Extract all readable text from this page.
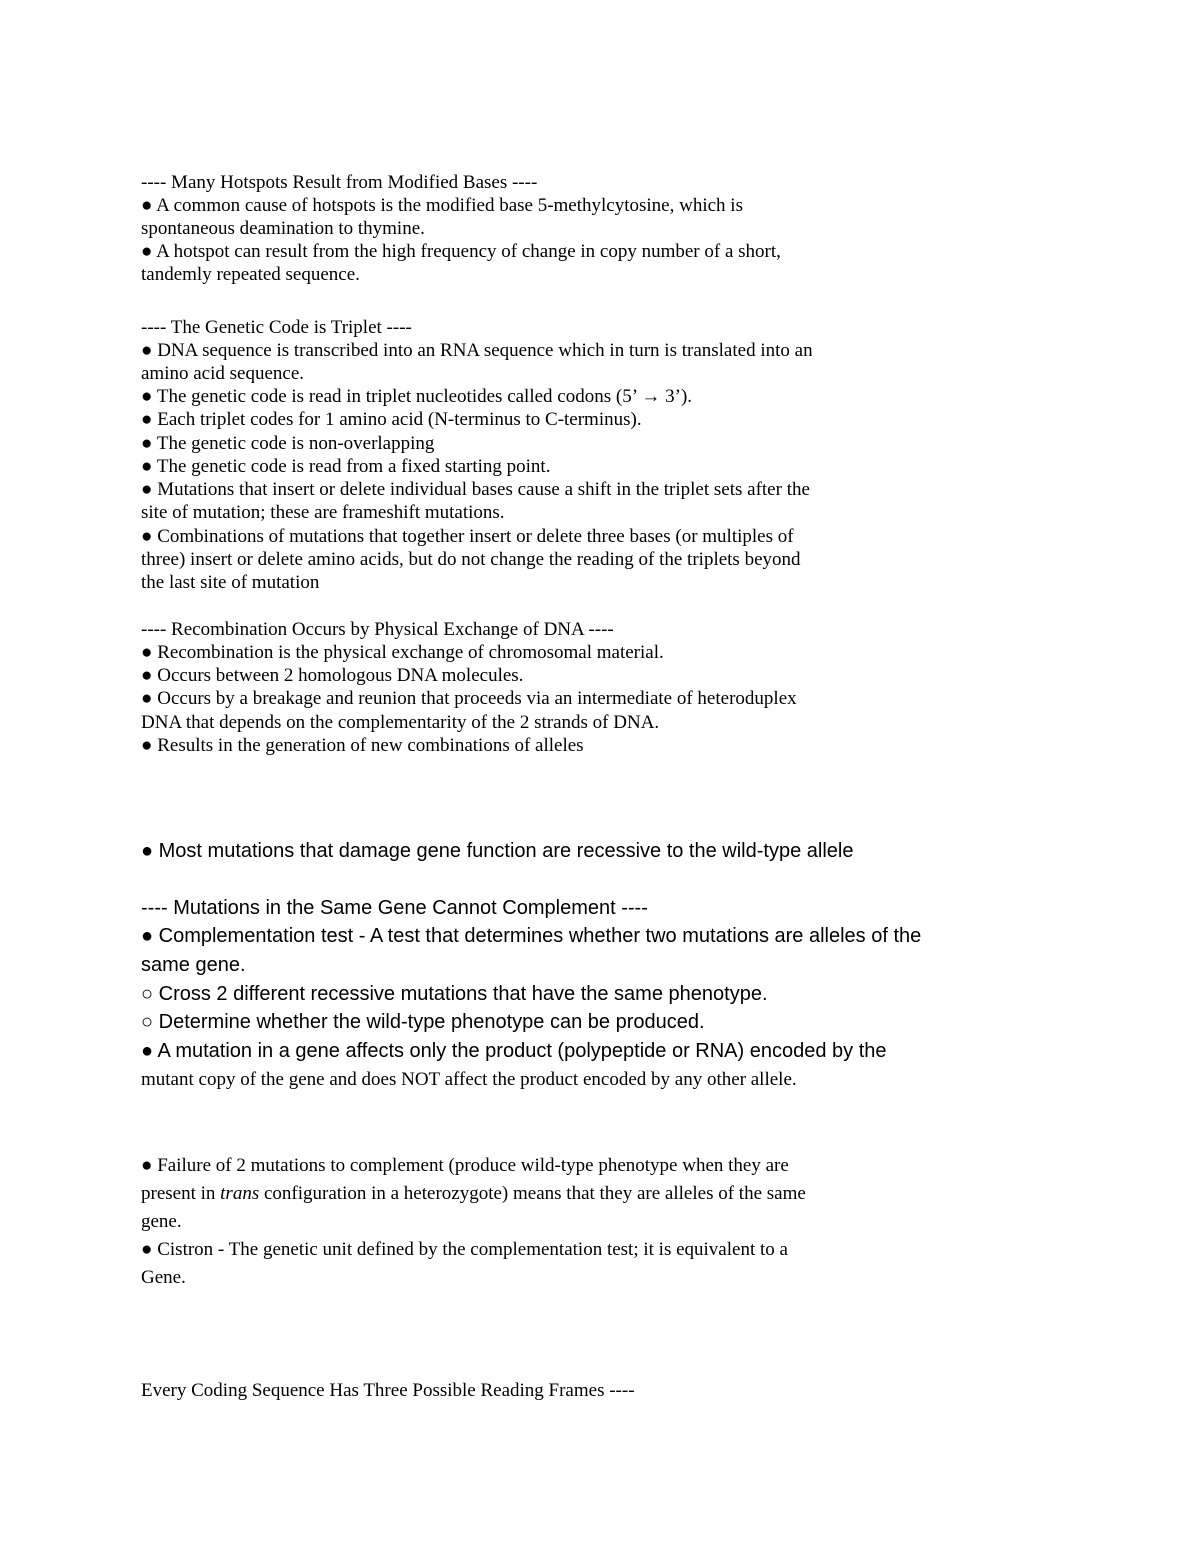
---- Many Hotspots Result from Modified Bases ----

● A common cause of hotspots is the modified base 5-methylcytosine, which is

spontaneous deamination to thymine.

● A hotspot can result from the high frequency of change in copy number of a short,

tandemly repeated sequence.

---- The Genetic Code is Triplet ----

● DNA sequence is transcribed into an RNA sequence which in turn is translated into an

amino acid sequence.

● The genetic code is read in triplet nucleotides called codons (5’ → 3’).

● Each triplet codes for 1 amino acid (N-terminus to C-terminus).

● The genetic code is non-overlapping

● The genetic code is read from a fixed starting point.

● Mutations that insert or delete individual bases cause a shift in the triplet sets after the

site of mutation; these are frameshift mutations.

● Combinations of mutations that together insert or delete three bases (or multiples of

three) insert or delete amino acids, but do not change the reading of the triplets beyond

the last site of mutation

---- Recombination Occurs by Physical Exchange of DNA ----

● Recombination is the physical exchange of chromosomal material.

● Occurs between 2 homologous DNA molecules.

● Occurs by a breakage and reunion that proceeds via an intermediate of heteroduplex

DNA that depends on the complementarity of the 2 strands of DNA.

● Results in the generation of new combinations of alleles

● Most mutations that damage gene function are recessive to the wild-type allele

---- Mutations in the Same Gene Cannot Complement ----

● Complementation test - A test that determines whether two mutations are alleles of the

same gene.

○ Cross 2 different recessive mutations that have the same phenotype.

○ Determine whether the wild-type phenotype can be produced.

● A mutation in a gene affects only the product (polypeptide or RNA) encoded by the

mutant copy of the gene and does NOT affect the product encoded by any other allele.

● Failure of 2 mutations to complement (produce wild-type phenotype when they are

present in trans configuration in a heterozygote) means that they are alleles of the same

gene.

● Cistron - The genetic unit defined by the complementation test; it is equivalent to a

Gene.

Every Coding Sequence Has Three Possible Reading Frames ----
